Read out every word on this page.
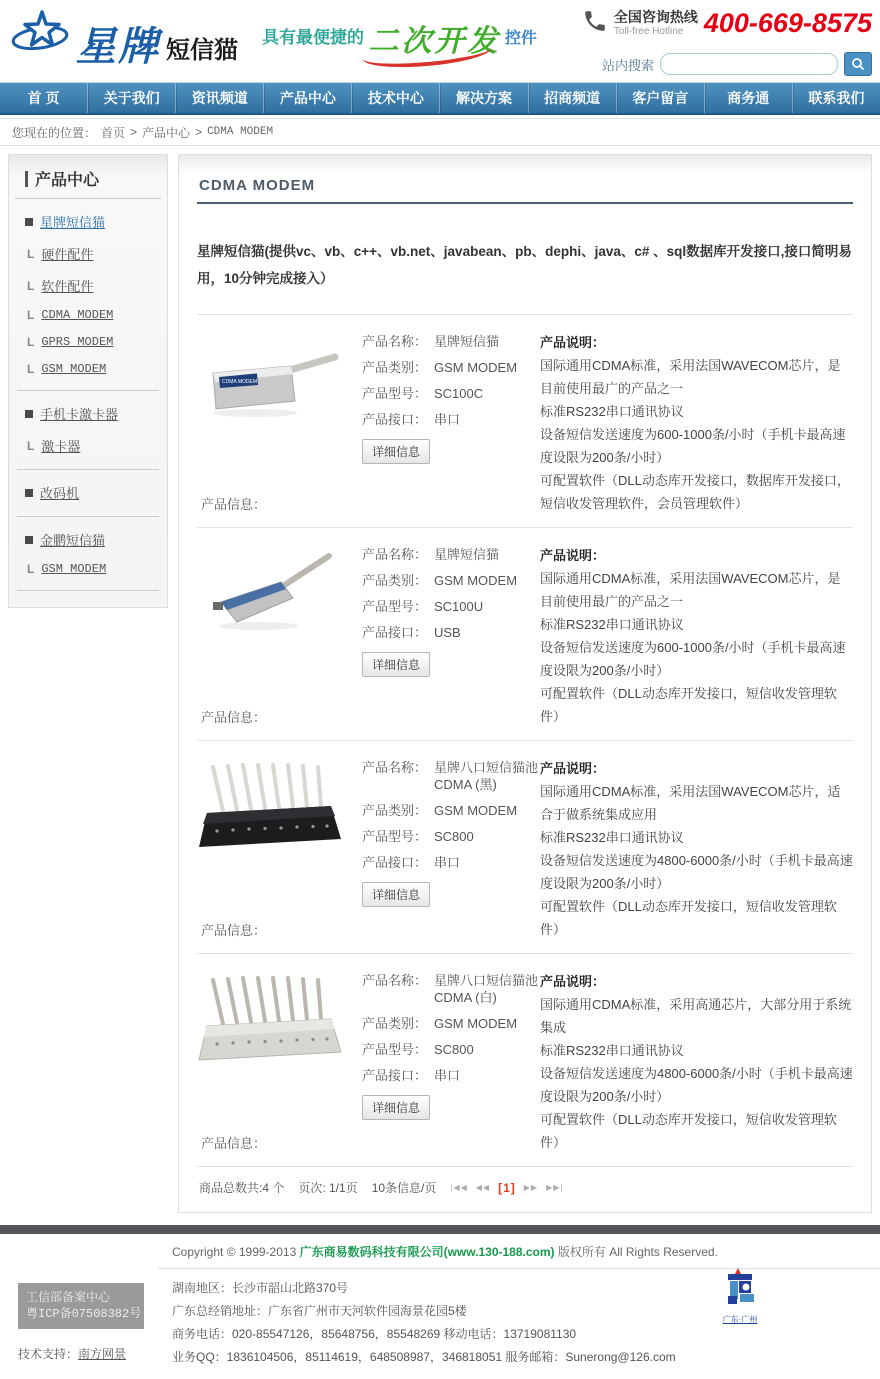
星牌 短信猫 具有最便捷的 二次开发 控件
全国咨询热线
Toll-free Hotline 400-669-8575
站内搜索
首 页	关于我们	资讯频道	产品中心	技术中心	解决方案	招商频道	客户留言	商务通	联系我们
您现在的位置： 首页 > 产品中心 > CDMA MODEM
产品中心
星牌短信猫
L 硬件配件
L 软件配件
L CDMA MODEM
L GPRS MODEM
L GSM MODEM
手机卡激卡器
L 激卡器
改码机
金鹏短信猫
L GSM MODEM
CDMA MODEM
星牌短信猫(提供vc、vb、c++、vb.net、javabean、pb、dephi、java、c# 、sql数据库开发接口,接口简明易用，10分钟完成接入）
CDMA MODEM
产品信息：
产品名称： 星牌短信猫
产品类别： GSM MODEM
产品型号： SC100C
产品接口： 串口
详细信息
产品说明：
国际通用CDMA标准，采用法国WAVECOM芯片，是目前使用最广的产品之一
标准RS232串口通讯协议
设备短信发送速度为600-1000条/小时（手机卡最高速度设限为200条/小时）
可配置软件（DLL动态库开发接口，数据库开发接口，短信收发管理软件，会员管理软件）
产品信息：
产品名称： 星牌短信猫
产品类别： GSM MODEM
产品型号： SC100U
产品接口： USB
详细信息
产品说明：
国际通用CDMA标准，采用法国WAVECOM芯片，是目前使用最广的产品之一
标准RS232串口通讯协议
设备短信发送速度为600-1000条/小时（手机卡最高速度设限为200条/小时）
可配置软件（DLL动态库开发接口，短信收发管理软件）
产品信息：
产品名称： 星牌八口短信猫池CDMA (黑)
产品类别： GSM MODEM
产品型号： SC800
产品接口： 串口
详细信息
产品说明：
国际通用CDMA标准，采用法国WAVECOM芯片，适合于做系统集成应用
标准RS232串口通讯协议
设备短信发送速度为4800-6000条/小时（手机卡最高速度设限为200条/小时）
可配置软件（DLL动态库开发接口，短信收发管理软件）
产品信息：
产品名称： 星牌八口短信猫池CDMA (白)
产品类别： GSM MODEM
产品型号： SC800
产品接口： 串口
详细信息
产品说明：
国际通用CDMA标准，采用高通芯片，大部分用于系统集成
标准RS232串口通讯协议
设备短信发送速度为4800-6000条/小时（手机卡最高速度设限为200条/小时）
可配置软件（DLL动态库开发接口，短信收发管理软件）
商品总数共:4 个 页次: 1/1页 10条信息/页 |◀◀ ◀◀ [1] ▶▶ ▶▶|
Copyright © 1999-2013 广东商易数码科技有限公司(www.130-188.com) 版权所有 All Rights Reserved.
工信部备案中心
粤ICP备07508382号
技术支持：南方网景
湖南地区：长沙市韶山北路370号
广东总经销地址：广东省广州市天河软件园海景花园5楼
商务电话：020-85547126，85648756，85548269 移动电话：13719081130
业务QQ：1836104506，85114619，648508987，346818051 服务邮箱：Sunerong@126.com
广东·广州
